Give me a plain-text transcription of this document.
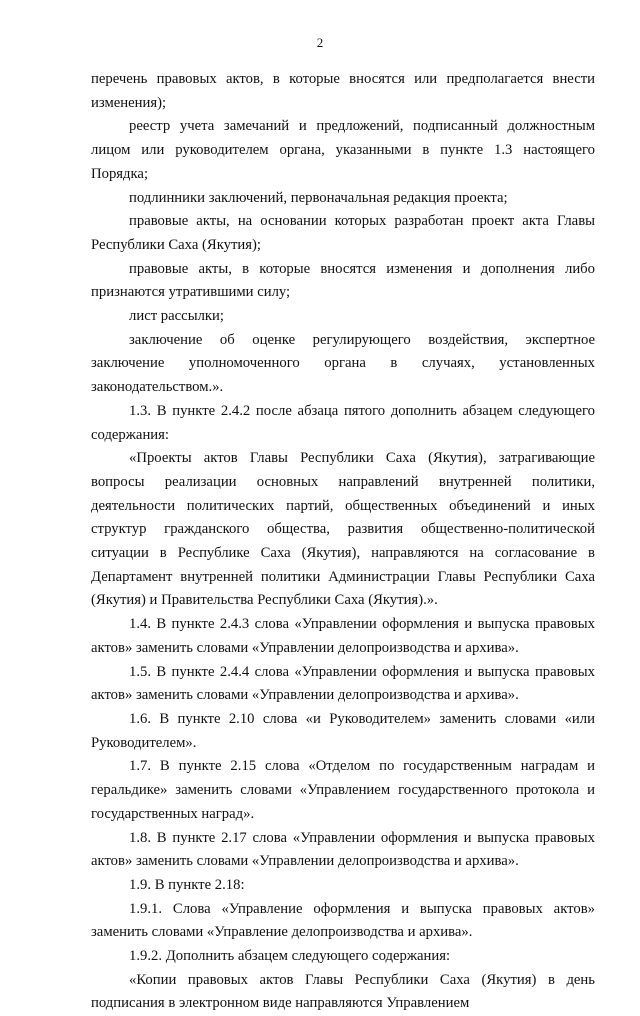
2

перечень правовых актов, в которые вносятся или предполагается внести изменения);

реестр учета замечаний и предложений, подписанный должностным лицом или руководителем органа, указанными в пункте 1.3 настоящего Порядка;

подлинники заключений, первоначальная редакция проекта;

правовые акты, на основании которых разработан проект акта Главы Республики Саха (Якутия);

правовые акты, в которые вносятся изменения и дополнения либо признаются утратившими силу;

лист рассылки;

заключение об оценке регулирующего воздействия, экспертное заключение уполномоченного органа в случаях, установленных законодательством.».

1.3. В пункте 2.4.2 после абзаца пятого дополнить абзацем следующего содержания:

«Проекты актов Главы Республики Саха (Якутия), затрагивающие вопросы реализации основных направлений внутренней политики, деятельности политических партий, общественных объединений и иных структур гражданского общества, развития общественно-политической ситуации в Республике Саха (Якутия), направляются на согласование в Департамент внутренней политики Администрации Главы Республики Саха (Якутия) и Правительства Республики Саха (Якутия).».

1.4. В пункте 2.4.3 слова «Управлении оформления и выпуска правовых актов» заменить словами «Управлении делопроизводства и архива».

1.5. В пункте 2.4.4 слова «Управлении оформления и выпуска правовых актов» заменить словами «Управлении делопроизводства и архива».

1.6. В пункте 2.10 слова «и Руководителем» заменить словами «или Руководителем».

1.7. В пункте 2.15 слова «Отделом по государственным наградам и геральдике» заменить словами «Управлением государственного протокола и государственных наград».

1.8. В пункте 2.17 слова «Управлении оформления и выпуска правовых актов» заменить словами «Управлении делопроизводства и архива».

1.9. В пункте 2.18:

1.9.1. Слова «Управление оформления и выпуска правовых актов» заменить словами «Управление делопроизводства и архива».

1.9.2. Дополнить абзацем следующего содержания:

«Копии правовых актов Главы Республики Саха (Якутия) в день подписания в электронном виде направляются Управлением
